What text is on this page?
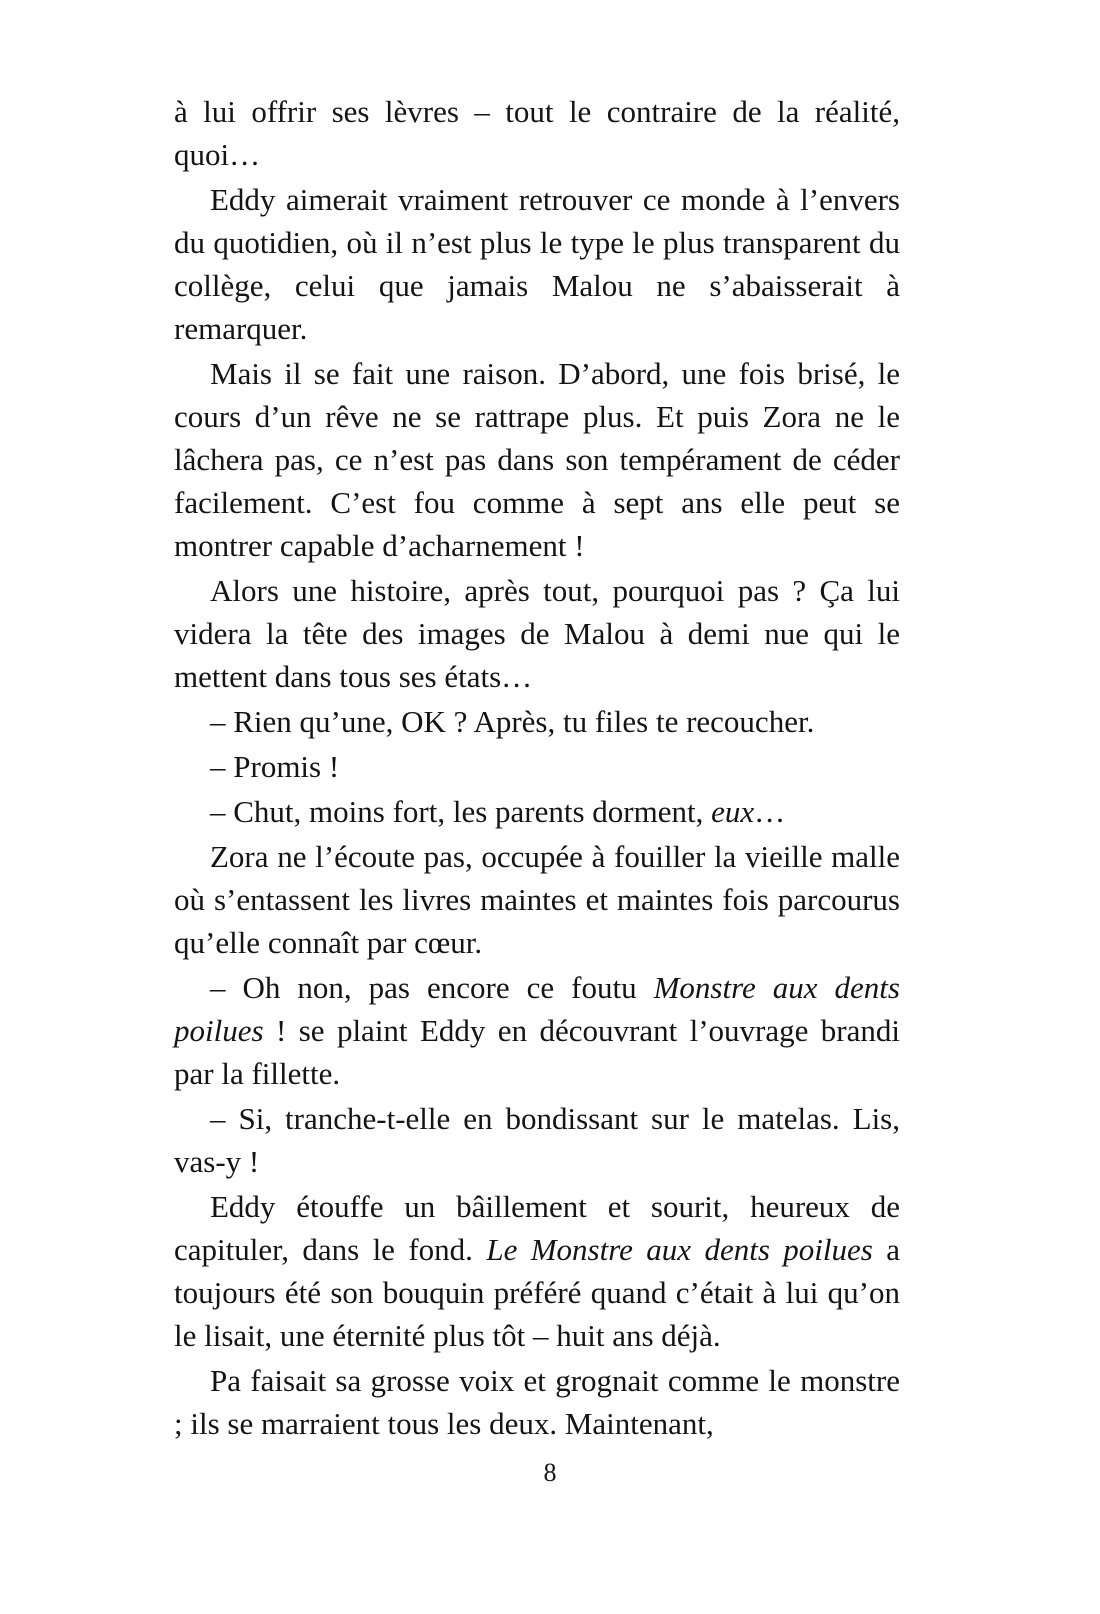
à lui offrir ses lèvres – tout le contraire de la réalité, quoi…

Eddy aimerait vraiment retrouver ce monde à l’envers du quotidien, où il n’est plus le type le plus transparent du collège, celui que jamais Malou ne s’abaisserait à remarquer.

Mais il se fait une raison. D’abord, une fois brisé, le cours d’un rêve ne se rattrape plus. Et puis Zora ne le lâchera pas, ce n’est pas dans son tempérament de céder facilement. C’est fou comme à sept ans elle peut se montrer capable d’acharnement !

Alors une histoire, après tout, pourquoi pas ? Ça lui videra la tête des images de Malou à demi nue qui le mettent dans tous ses états…

– Rien qu’une, OK ? Après, tu files te recoucher.

– Promis !

– Chut, moins fort, les parents dorment, eux…

Zora ne l’écoute pas, occupée à fouiller la vieille malle où s’entassent les livres maintes et maintes fois parcourus qu’elle connaît par cœur.

– Oh non, pas encore ce foutu Monstre aux dents poilues ! se plaint Eddy en découvrant l’ouvrage brandi par la fillette.

– Si, tranche-t-elle en bondissant sur le matelas. Lis, vas-y !

Eddy étouffe un bâillement et sourit, heureux de capituler, dans le fond. Le Monstre aux dents poilues a toujours été son bouquin préféré quand c’était à lui qu’on le lisait, une éternité plus tôt – huit ans déjà.

Pa faisait sa grosse voix et grognait comme le monstre ; ils se marraient tous les deux. Maintenant,

8
